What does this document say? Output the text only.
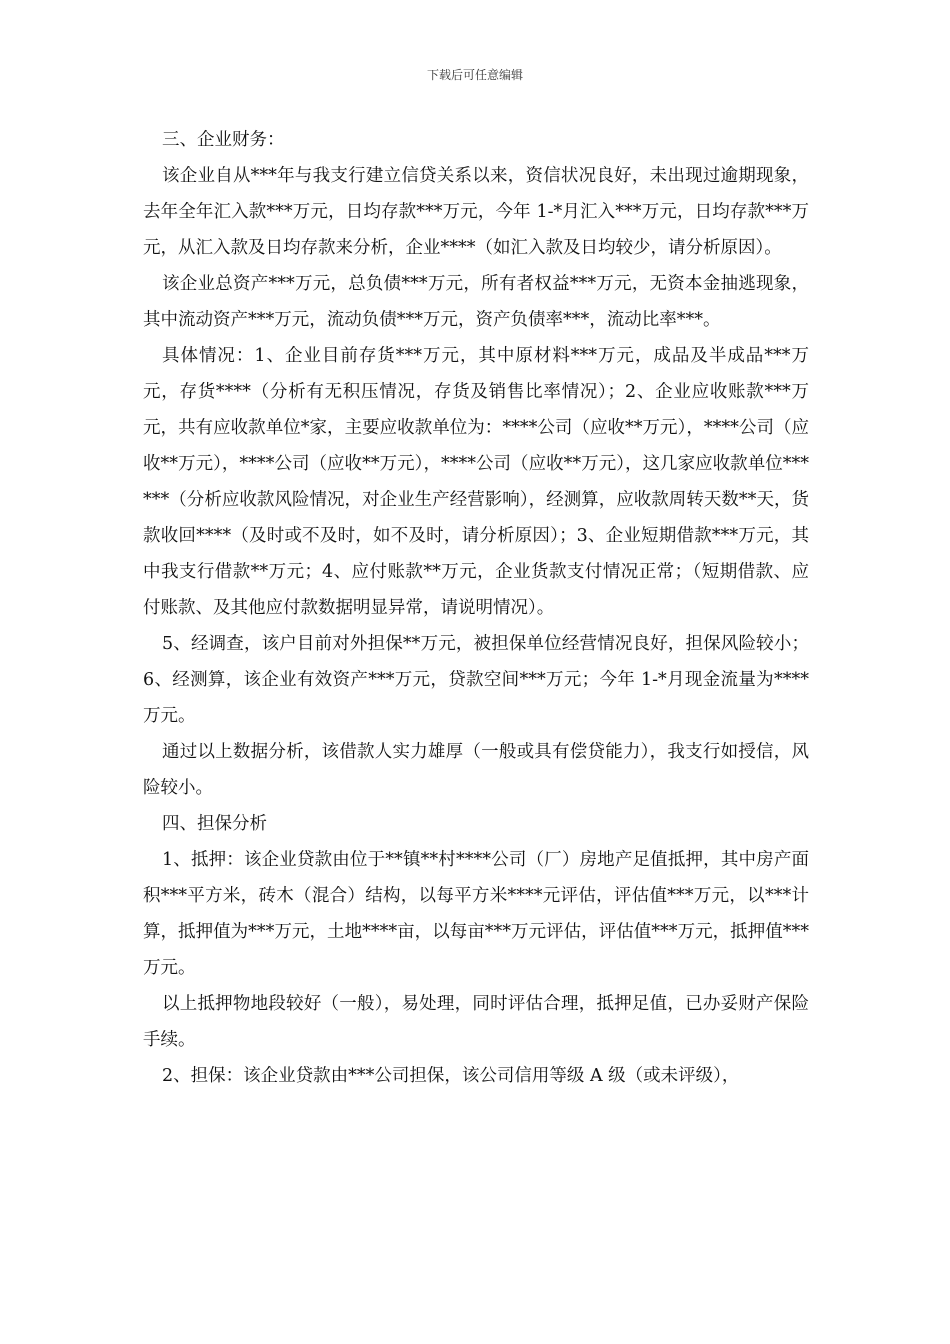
下载后可任意编辑

三、企业财务：

该企业自从***年与我支行建立信贷关系以来，资信状况良好，未出现过逾期现象，去年全年汇入款***万元，日均存款***万元，今年 1-*月汇入***万元，日均存款***万元，从汇入款及日均存款来分析，企业****（如汇入款及日均较少，请分析原因）。

该企业总资产***万元，总负债***万元，所有者权益***万元，无资本金抽逃现象，其中流动资产***万元，流动负债***万元，资产负债率***，流动比率***。

具体情况：1、企业目前存货***万元，其中原材料***万元，成品及半成品***万元，存货****（分析有无积压情况，存货及销售比率情况）；2、企业应收账款***万元，共有应收款单位*家，主要应收款单位为：****公司（应收**万元），****公司（应收**万元），****公司（应收**万元），****公司（应收**万元），这几家应收款单位******（分析应收款风险情况，对企业生产经营影响），经测算，应收款周转天数**天，货款收回****（及时或不及时，如不及时，请分析原因）；3、企业短期借款***万元，其中我支行借款**万元；4、应付账款**万元，企业货款支付情况正常；（短期借款、应付账款、及其他应付款数据明显异常，请说明情况）。

5、经调查，该户目前对外担保**万元，被担保单位经营情况良好，担保风险较小；6、经测算，该企业有效资产***万元，贷款空间***万元；今年 1-*月现金流量为****万元。

通过以上数据分析，该借款人实力雄厚（一般或具有偿贷能力），我支行如授信，风险较小。

四、担保分析

1、抵押：该企业贷款由位于**镇**村****公司（厂）房地产足值抵押，其中房产面积***平方米，砖木（混合）结构，以每平方米****元评估，评估值***万元，以***计算，抵押值为***万元，土地****亩，以每亩***万元评估，评估值***万元，抵押值***万元。

以上抵押物地段较好（一般），易处理，同时评估合理，抵押足值，已办妥财产保险手续。

2、担保：该企业贷款由***公司担保，该公司信用等级 A 级（或未评级），
